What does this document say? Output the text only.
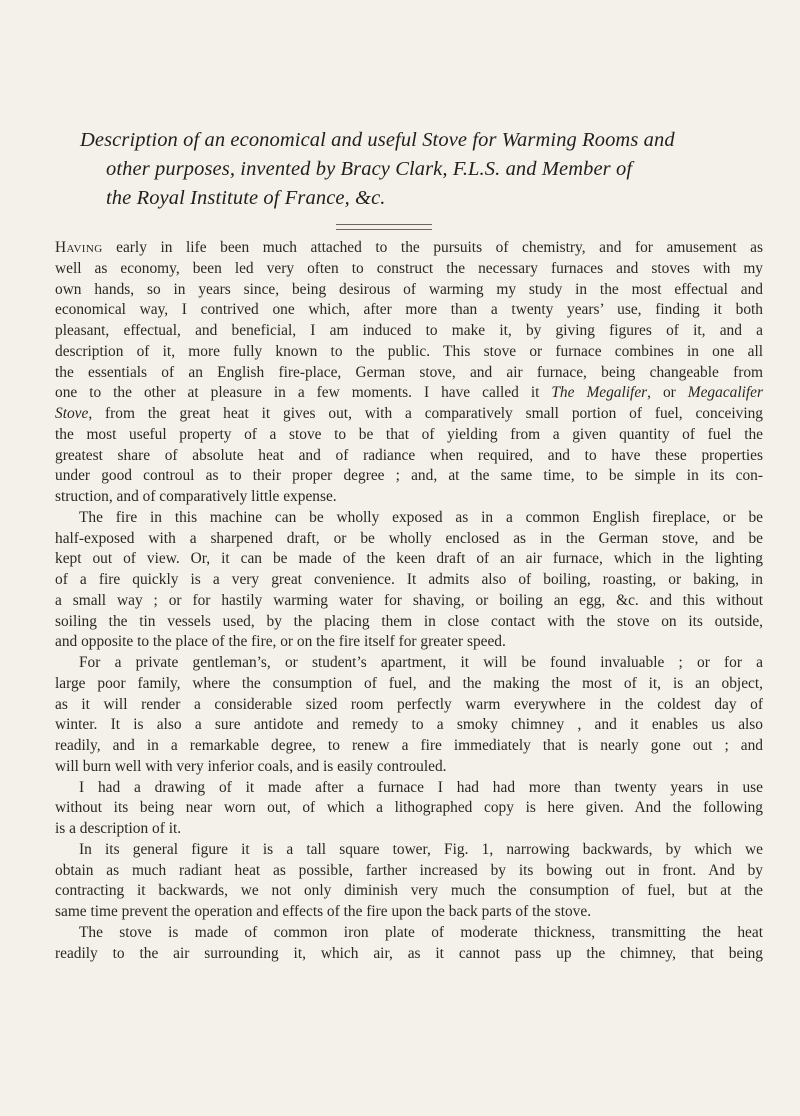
Description of an economical and useful Stove for Warming Rooms and
other purposes, invented by Bracy Clark, F.L.S. and Member of
the Royal Institute of France, &c.

Having early in life been much attached to the pursuits of chemistry, and for amusement as
well as economy, been led very often to construct the necessary furnaces and stoves with my
own hands, so in years since, being desirous of warming my study in the most effectual and
economical way, I contrived one which, after more than a twenty years’ use, finding it both
pleasant, effectual, and beneficial, I am induced to make it, by giving figures of it, and a
description of it, more fully known to the public. This stove or furnace combines in one all
the essentials of an English fire-place, German stove, and air furnace, being changeable from
one to the other at pleasure in a few moments. I have called it The Megalifer, or Megacalifer
Stove, from the great heat it gives out, with a comparatively small portion of fuel, conceiving
the most useful property of a stove to be that of yielding from a given quantity of fuel the
greatest share of absolute heat and of radiance when required, and to have these properties
under good controul as to their proper degree ; and, at the same time, to be simple in its con-
struction, and of comparatively little expense.

The fire in this machine can be wholly exposed as in a common English fireplace, or be
half-exposed with a sharpened draft, or be wholly enclosed as in the German stove, and be
kept out of view. Or, it can be made of the keen draft of an air furnace, which in the lighting
of a fire quickly is a very great convenience. It admits also of boiling, roasting, or baking, in
a small way ; or for hastily warming water for shaving, or boiling an egg, &c. and this without
soiling the tin vessels used, by the placing them in close contact with the stove on its outside,
and opposite to the place of the fire, or on the fire itself for greater speed.

For a private gentleman’s, or student’s apartment, it will be found invaluable ; or for a
large poor family, where the consumption of fuel, and the making the most of it, is an object,
as it will render a considerable sized room perfectly warm everywhere in the coldest day of
winter. It is also a sure antidote and remedy to a smoky chimney , and it enables us also
readily, and in a remarkable degree, to renew a fire immediately that is nearly gone out ; and
will burn well with very inferior coals, and is easily controuled.

I had a drawing of it made after a furnace I had had more than twenty years in use
without its being near worn out, of which a lithographed copy is here given. And the following
is a description of it.

In its general figure it is a tall square tower, Fig. 1, narrowing backwards, by which we
obtain as much radiant heat as possible, farther increased by its bowing out in front. And by
contracting it backwards, we not only diminish very much the consumption of fuel, but at the
same time prevent the operation and effects of the fire upon the back parts of the stove.

The stove is made of common iron plate of moderate thickness, transmitting the heat
readily to the air surrounding it, which air, as it cannot pass up the chimney, that being
